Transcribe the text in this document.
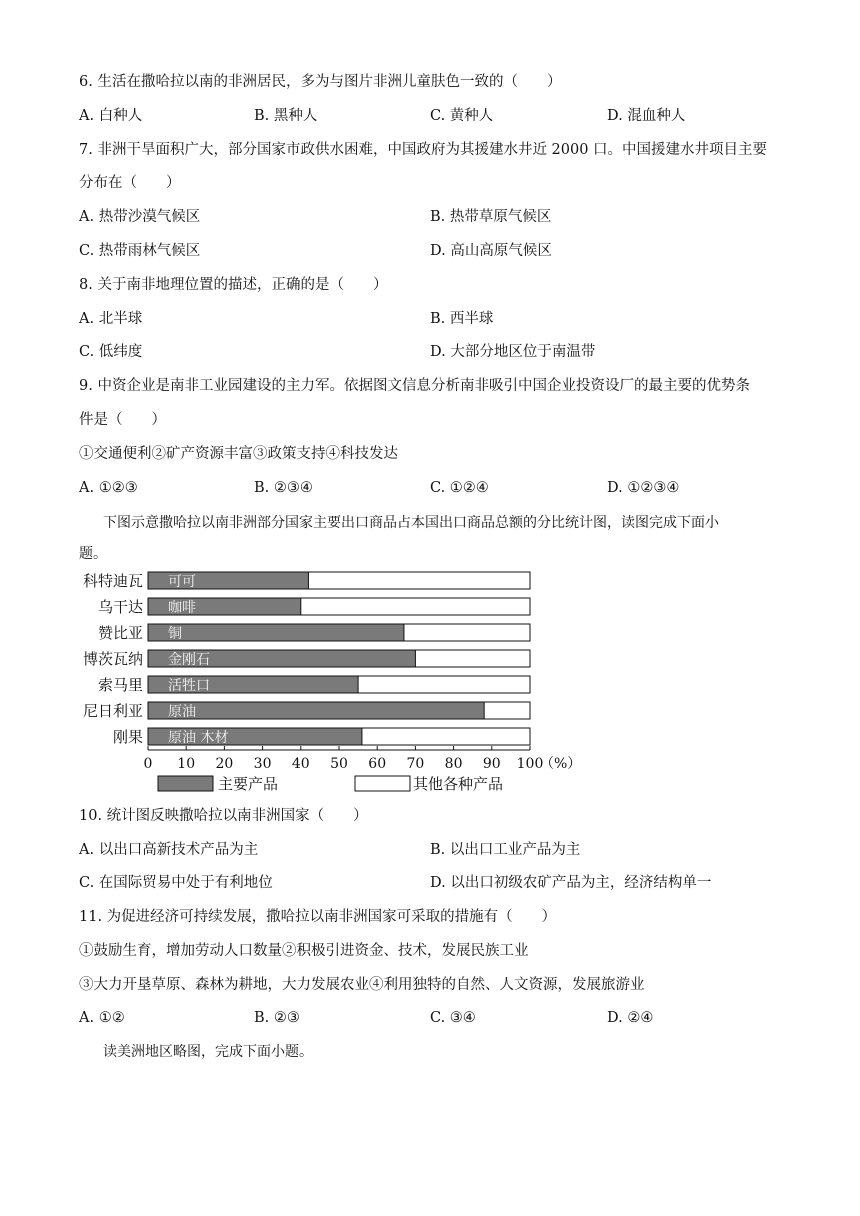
6. 生活在撒哈拉以南的非洲居民，多为与图片非洲儿童肤色一致的（　　）
A. 白种人	B. 黑种人	C. 黄种人	D. 混血种人
7. 非洲干旱面积广大，部分国家市政供水困难，中国政府为其援建水井近 2000 口。中国援建水井项目主要
分布在（　　）
A. 热带沙漠气候区	B. 热带草原气候区
C. 热带雨林气候区	D. 高山高原气候区
8. 关于南非地理位置的描述，正确的是（　　）
A. 北半球	B. 西半球
C. 低纬度	D. 大部分地区位于南温带
9. 中资企业是南非工业园建设的主力军。依据图文信息分析南非吸引中国企业投资设厂的最主要的优势条
件是（　　）
①交通便利②矿产资源丰富③政策支持④科技发达
A. ①②③	B. ②③④	C. ①②④	D. ①②③④
下图示意撒哈拉以南非洲部分国家主要出口商品占本国出口商品总额的分比统计图，读图完成下面小
题。
科特迪瓦 可可
乌干达 咖啡
赞比亚 铜
博茨瓦纳 金刚石
索马里 活牲口
尼日利亚 原油
刚果 原油 木材
0 10 20 30 40 50 60 70 80 90 100
（%）
主要产品	其他各种产品
10. 统计图反映撒哈拉以南非洲国家（　　）
A. 以出口高新技术产品为主	B. 以出口工业产品为主
C. 在国际贸易中处于有利地位	D. 以出口初级农矿产品为主，经济结构单一
11. 为促进经济可持续发展，撒哈拉以南非洲国家可采取的措施有（　　）
①鼓励生育，增加劳动人口数量②积极引进资金、技术，发展民族工业
③大力开垦草原、森林为耕地，大力发展农业④利用独特的自然、人文资源，发展旅游业
A. ①②	B. ②③	C. ③④	D. ②④
读美洲地区略图，完成下面小题。
